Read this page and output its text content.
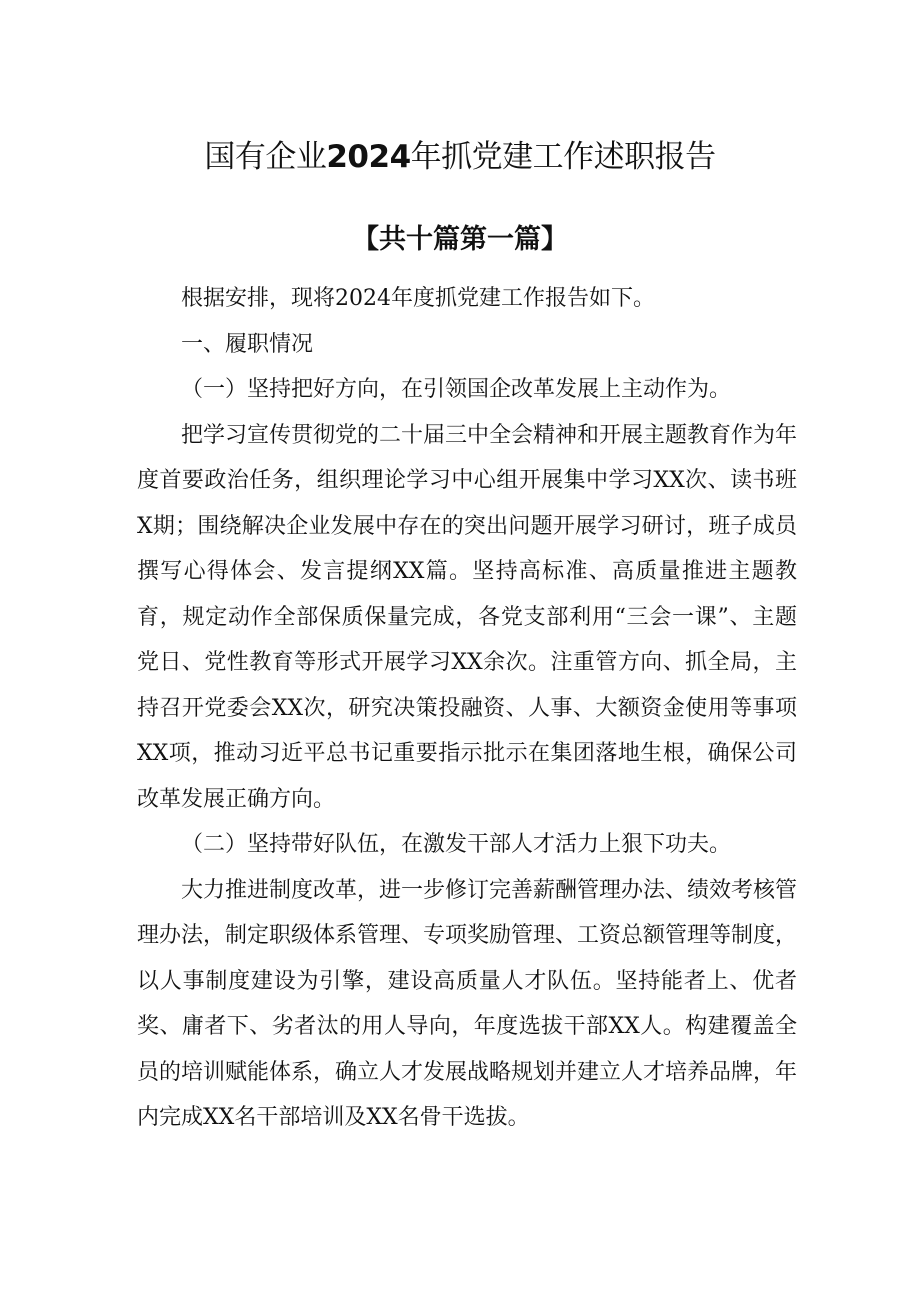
国有企业2024年抓党建工作述职报告
【共十篇第一篇】

根据安排，现将2024年度抓党建工作报告如下。

一、履职情况

（一）坚持把好方向，在引领国企改革发展上主动作为。

把学习宣传贯彻党的二十届三中全会精神和开展主题教育作为年度首要政治任务，组织理论学习中心组开展集中学习XX次、读书班X期；围绕解决企业发展中存在的突出问题开展学习研讨，班子成员撰写心得体会、发言提纲XX篇。坚持高标准、高质量推进主题教育，规定动作全部保质保量完成，各党支部利用“三会一课”、主题党日、党性教育等形式开展学习XX余次。注重管方向、抓全局，主持召开党委会XX次，研究决策投融资、人事、大额资金使用等事项XX项，推动习近平总书记重要指示批示在集团落地生根，确保公司改革发展正确方向。

（二）坚持带好队伍，在激发干部人才活力上狠下功夫。

大力推进制度改革，进一步修订完善薪酬管理办法、绩效考核管理办法，制定职级体系管理、专项奖励管理、工资总额管理等制度，以人事制度建设为引擎，建设高质量人才队伍。坚持能者上、优者奖、庸者下、劣者汰的用人导向，年度选拔干部XX人。构建覆盖全员的培训赋能体系，确立人才发展战略规划并建立人才培养品牌，年内完成XX名干部培训及XX名骨干选拔。
